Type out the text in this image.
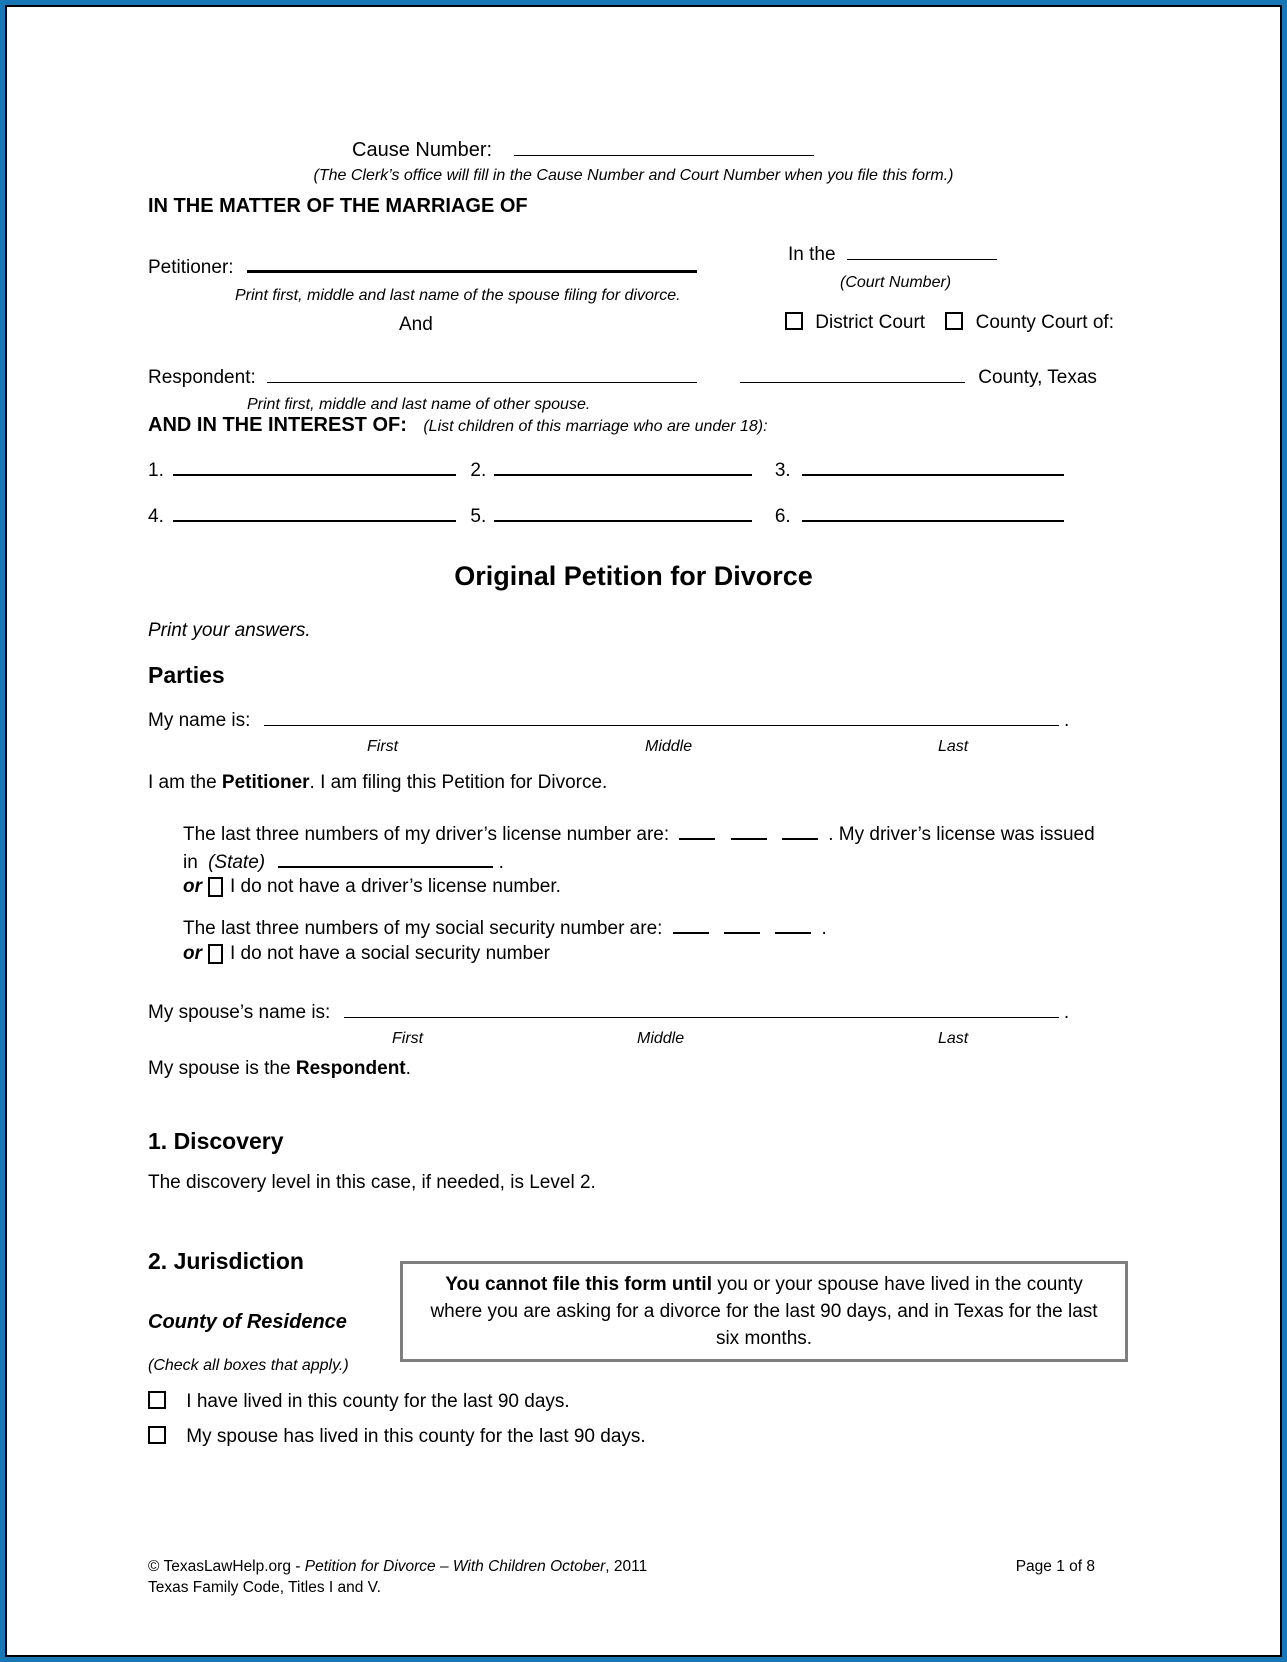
Cause Number:
(The Clerk’s office will fill in the Cause Number and Court Number when you file this form.)
IN THE MATTER OF THE MARRIAGE OF
In the
(Court Number)
Petitioner:
Print first, middle and last name of the spouse filing for divorce.
And	District Court	County Court of:
Respondent:	County, Texas
Print first, middle and last name of other spouse.
AND IN THE INTEREST OF: (List children of this marriage who are under 18):
1.	2.	3.
4.	5.	6.
Original Petition for Divorce
Print your answers.
Parties
My name is:	.
First	Middle	Last
I am the Petitioner. I am filing this Petition for Divorce.
The last three numbers of my driver’s license number are:	. My driver’s license was issued
in (State)	.
or I do not have a driver’s license number.
The last three numbers of my social security number are:	.
or I do not have a social security number
My spouse’s name is:	.
First	Middle	Last
My spouse is the Respondent.
1. Discovery
The discovery level in this case, if needed, is Level 2.
2. Jurisdiction
You cannot file this form until you or your spouse have lived in the county where you are asking for a divorce for the last 90 days, and in Texas for the last six months.
County of Residence
(Check all boxes that apply.)
I have lived in this county for the last 90 days.
My spouse has lived in this county for the last 90 days.
© TexasLawHelp.org - Petition for Divorce – With Children October, 2011
Texas Family Code, Titles I and V.
Page 1 of 8
